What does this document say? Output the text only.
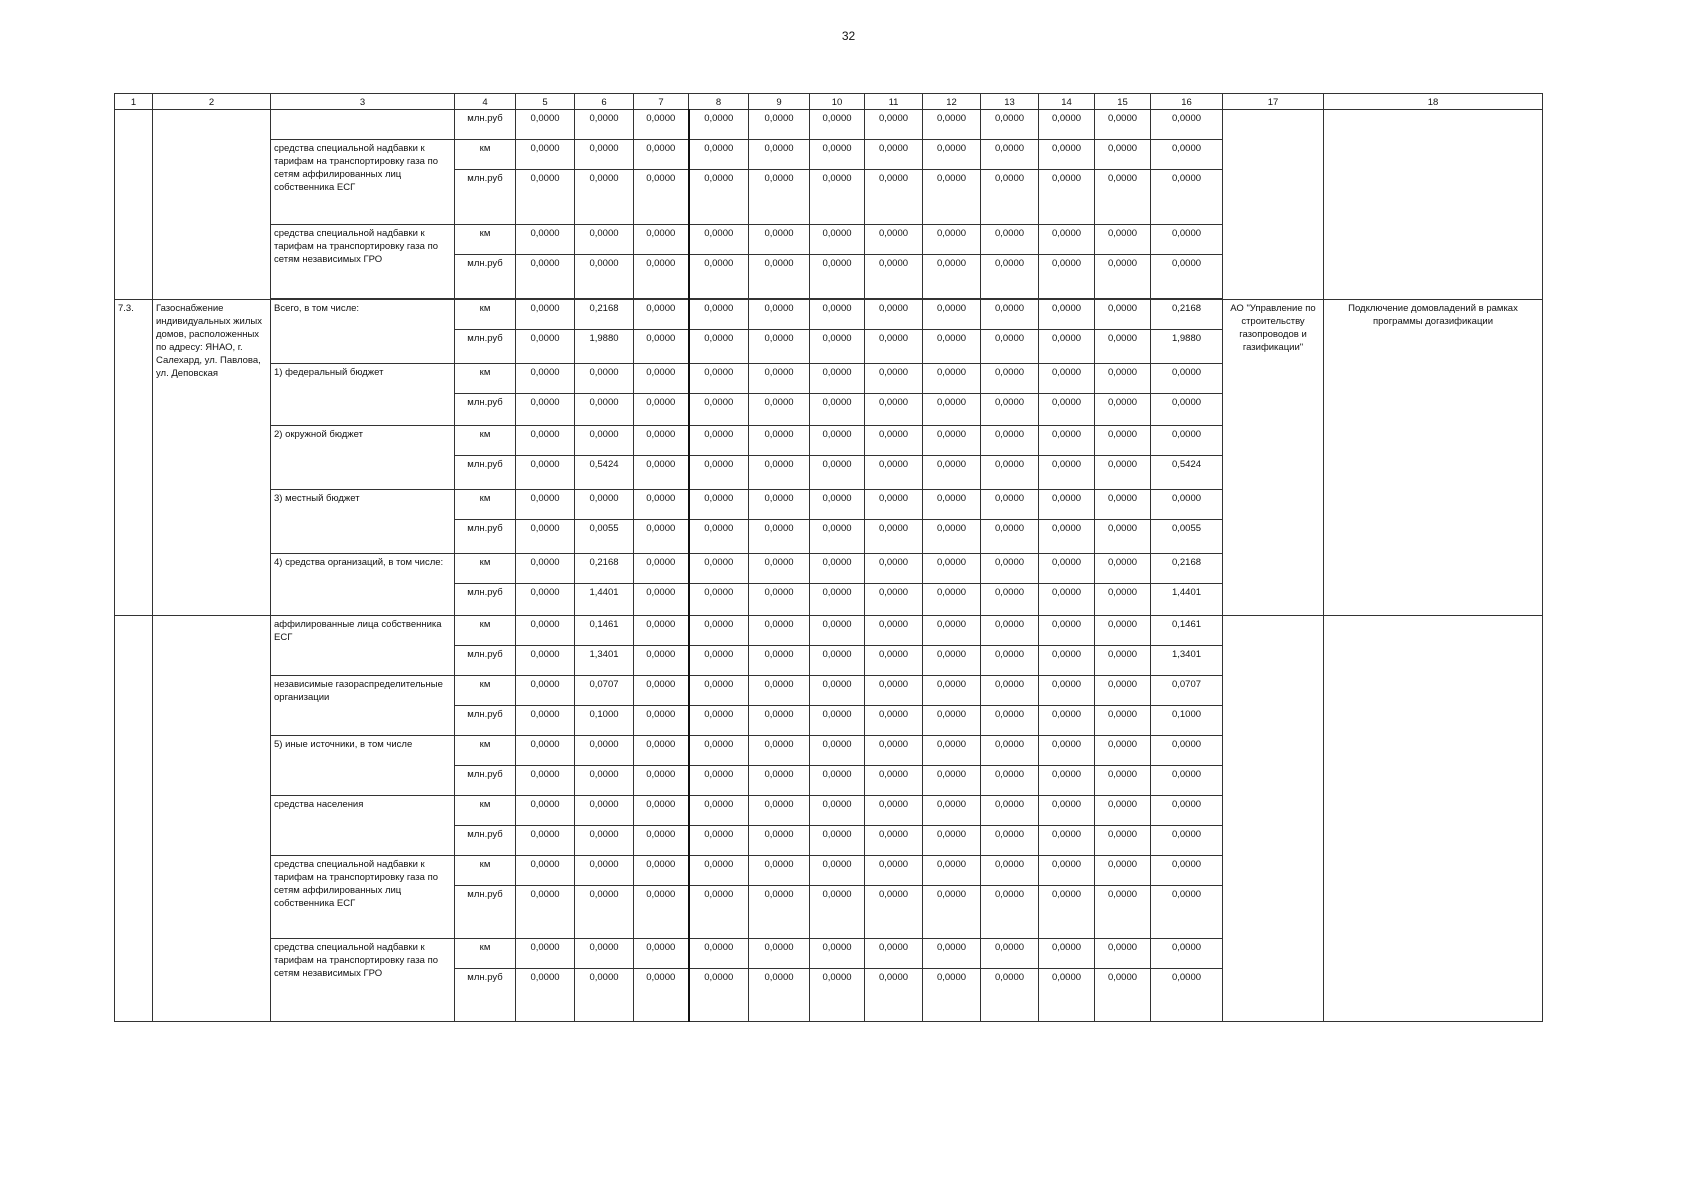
32
1	2	3	4	5	6	7	8	9	10	11	12	13	14	15	16	17	18
			млн.руб	0,0000	0,0000	0,0000	0,0000	0,0000	0,0000	0,0000	0,0000	0,0000	0,0000	0,0000	0,0000		
		средства специальной надбавки к тарифам на транспортировку газа по сетям аффилированных лиц собственника ЕСГ	км	0,0000	0,0000	0,0000	0,0000	0,0000	0,0000	0,0000	0,0000	0,0000	0,0000	0,0000	0,0000		
			млн.руб	0,0000	0,0000	0,0000	0,0000	0,0000	0,0000	0,0000	0,0000	0,0000	0,0000	0,0000	0,0000		
		средства специальной надбавки к тарифам на транспортировку газа по сетям независимых ГРО	км	0,0000	0,0000	0,0000	0,0000	0,0000	0,0000	0,0000	0,0000	0,0000	0,0000	0,0000	0,0000		
			млн.руб	0,0000	0,0000	0,0000	0,0000	0,0000	0,0000	0,0000	0,0000	0,0000	0,0000	0,0000	0,0000		

7.3.	Газоснабжение индивидуальных жилых домов, расположенных по адресу: ЯНАО, г. Салехард, ул. Павлова, ул. Деповская	Всего, в том числе:	км	0,0000	0,2168	0,0000	0,0000	0,0000	0,0000	0,0000	0,0000	0,0000	0,0000	0,0000	0,2168	АО "Управление по строительству газопроводов и газификации"	Подключение домовладений в рамках программы догазификации
			млн.руб	0,0000	1,9880	0,0000	0,0000	0,0000	0,0000	0,0000	0,0000	0,0000	0,0000	0,0000	1,9880		
		1) федеральный бюджет	км	0,0000	0,0000	0,0000	0,0000	0,0000	0,0000	0,0000	0,0000	0,0000	0,0000	0,0000	0,0000		
			млн.руб	0,0000	0,0000	0,0000	0,0000	0,0000	0,0000	0,0000	0,0000	0,0000	0,0000	0,0000	0,0000		
		2) окружной бюджет	км	0,0000	0,0000	0,0000	0,0000	0,0000	0,0000	0,0000	0,0000	0,0000	0,0000	0,0000	0,0000		
			млн.руб	0,0000	0,5424	0,0000	0,0000	0,0000	0,0000	0,0000	0,0000	0,0000	0,0000	0,0000	0,5424		
		3) местный бюджет	км	0,0000	0,0000	0,0000	0,0000	0,0000	0,0000	0,0000	0,0000	0,0000	0,0000	0,0000	0,0000		
			млн.руб	0,0000	0,0055	0,0000	0,0000	0,0000	0,0000	0,0000	0,0000	0,0000	0,0000	0,0000	0,0055		
		4) средства организаций, в том числе:	км	0,0000	0,2168	0,0000	0,0000	0,0000	0,0000	0,0000	0,0000	0,0000	0,0000	0,0000	0,2168		
			млн.руб	0,0000	1,4401	0,0000	0,0000	0,0000	0,0000	0,0000	0,0000	0,0000	0,0000	0,0000	1,4401		
		аффилированные лица собственника ЕСГ	км	0,0000	0,1461	0,0000	0,0000	0,0000	0,0000	0,0000	0,0000	0,0000	0,0000	0,0000	0,1461		
			млн.руб	0,0000	1,3401	0,0000	0,0000	0,0000	0,0000	0,0000	0,0000	0,0000	0,0000	0,0000	1,3401		
		независимые газораспределительные организации	км	0,0000	0,0707	0,0000	0,0000	0,0000	0,0000	0,0000	0,0000	0,0000	0,0000	0,0000	0,0707		
			млн.руб	0,0000	0,1000	0,0000	0,0000	0,0000	0,0000	0,0000	0,0000	0,0000	0,0000	0,0000	0,1000		
		5) иные источники, в том числе	км	0,0000	0,0000	0,0000	0,0000	0,0000	0,0000	0,0000	0,0000	0,0000	0,0000	0,0000	0,0000		
			млн.руб	0,0000	0,0000	0,0000	0,0000	0,0000	0,0000	0,0000	0,0000	0,0000	0,0000	0,0000	0,0000		
		средства населения	км	0,0000	0,0000	0,0000	0,0000	0,0000	0,0000	0,0000	0,0000	0,0000	0,0000	0,0000	0,0000		
			млн.руб	0,0000	0,0000	0,0000	0,0000	0,0000	0,0000	0,0000	0,0000	0,0000	0,0000	0,0000	0,0000		
		средства специальной надбавки к тарифам на транспортировку газа по сетям аффилированных лиц собственника ЕСГ	км	0,0000	0,0000	0,0000	0,0000	0,0000	0,0000	0,0000	0,0000	0,0000	0,0000	0,0000	0,0000		
			млн.руб	0,0000	0,0000	0,0000	0,0000	0,0000	0,0000	0,0000	0,0000	0,0000	0,0000	0,0000	0,0000		
		средства специальной надбавки к тарифам на транспортировку газа по сетям независимых ГРО	км	0,0000	0,0000	0,0000	0,0000	0,0000	0,0000	0,0000	0,0000	0,0000	0,0000	0,0000	0,0000		
			млн.руб	0,0000	0,0000	0,0000	0,0000	0,0000	0,0000	0,0000	0,0000	0,0000	0,0000	0,0000	0,0000		
